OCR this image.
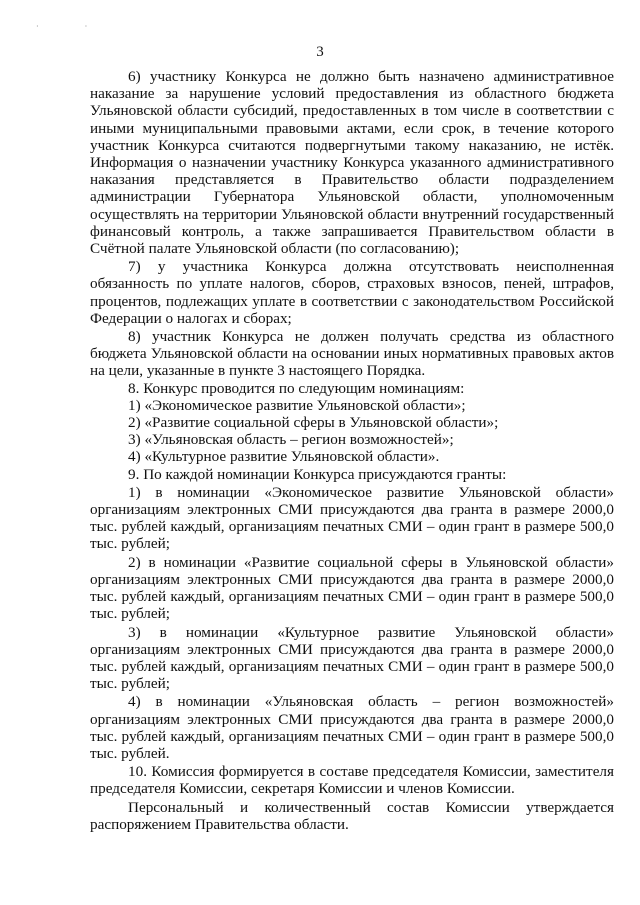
· ·
3

6) участнику Конкурса не должно быть назначено административное наказание за нарушение условий предоставления из областного бюджета Ульяновской области субсидий, предоставленных в том числе в соответствии с иными муниципальными правовыми актами, если срок, в течение которого участник Конкурса считаются подвергнутыми такому наказанию, не истёк. Информация о назначении участнику Конкурса указанного административного наказания представляется в Правительство области подразделением администрации Губернатора Ульяновской области, уполномоченным осуществлять на территории Ульяновской области внутренний государственный финансовый контроль, а также запрашивается Правительством области в Счётной палате Ульяновской области (по согласованию);

7) у участника Конкурса должна отсутствовать неисполненная обязанность по уплате налогов, сборов, страховых взносов, пеней, штрафов, процентов, подлежащих уплате в соответствии с законодательством Российской Федерации о налогах и сборах;

8) участник Конкурса не должен получать средства из областного бюджета Ульяновской области на основании иных нормативных правовых актов на цели, указанные в пункте 3 настоящего Порядка.

8. Конкурс проводится по следующим номинациям:

1) «Экономическое развитие Ульяновской области»;

2) «Развитие социальной сферы в Ульяновской области»;

3) «Ульяновская область – регион возможностей»;

4) «Культурное развитие Ульяновской области».

9. По каждой номинации Конкурса присуждаются гранты:

1) в номинации «Экономическое развитие Ульяновской области» организациям электронных СМИ присуждаются два гранта в размере 2000,0 тыс. рублей каждый, организациям печатных СМИ – один грант в размере 500,0 тыс. рублей;

2) в номинации «Развитие социальной сферы в Ульяновской области» организациям электронных СМИ присуждаются два гранта в размере 2000,0 тыс. рублей каждый, организациям печатных СМИ – один грант в размере 500,0 тыс. рублей;

3) в номинации «Культурное развитие Ульяновской области» организациям электронных СМИ присуждаются два гранта в размере 2000,0 тыс. рублей каждый, организациям печатных СМИ – один грант в размере 500,0 тыс. рублей;

4) в номинации «Ульяновская область – регион возможностей» организациям электронных СМИ присуждаются два гранта в размере 2000,0 тыс. рублей каждый, организациям печатных СМИ – один грант в размере 500,0 тыс. рублей.

10. Комиссия формируется в составе председателя Комиссии, заместителя председателя Комиссии, секретаря Комиссии и членов Комиссии.

Персональный и количественный состав Комиссии утверждается распоряжением Правительства области.
